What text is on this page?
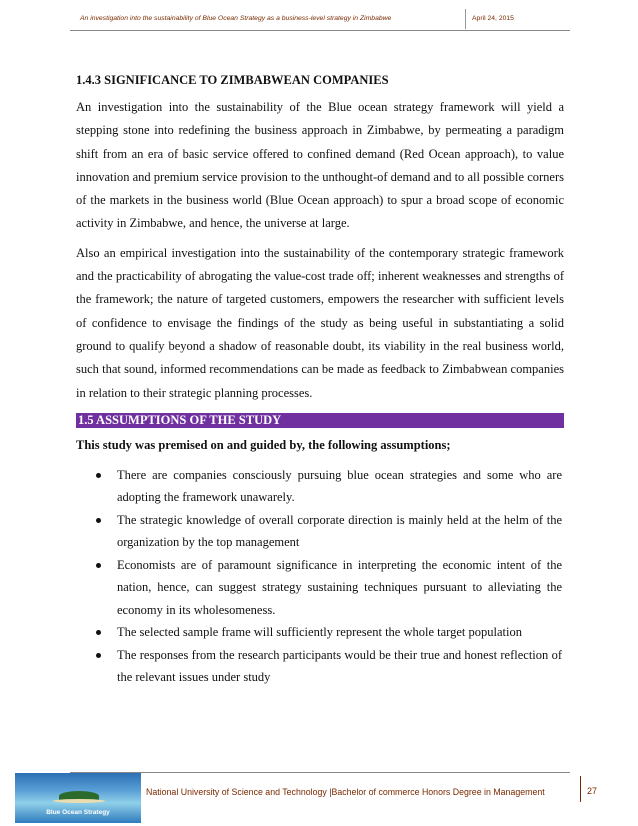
An investigation into the sustainability of Blue Ocean Strategy as a business-level strategy in Zimbabwe	April 24, 2015
1.4.3 SIGNIFICANCE TO ZIMBABWEAN COMPANIES

An investigation into the sustainability of the Blue ocean strategy framework will yield a stepping stone into redefining the business approach in Zimbabwe, by permeating a paradigm shift from an era of basic service offered to confined demand (Red Ocean approach), to value innovation and premium service provision to the unthought-of demand and to all possible corners of the markets in the business world (Blue Ocean approach) to spur a broad scope of economic activity in Zimbabwe, and hence, the universe at large.

Also an empirical investigation into the sustainability of the contemporary strategic framework and the practicability of abrogating the value-cost trade off; inherent weaknesses and strengths of the framework; the nature of targeted customers, empowers the researcher with sufficient levels of confidence to envisage the findings of the study as being useful in substantiating a solid ground to qualify beyond a shadow of reasonable doubt, its viability in the real business world, such that sound, informed recommendations can be made as feedback to Zimbabwean companies in relation to their strategic planning processes.

1.5 ASSUMPTIONS OF THE STUDY
This study was premised on and guided by, the following assumptions;
There are companies consciously pursuing blue ocean strategies and some who are adopting the framework unawarely.
The strategic knowledge of overall corporate direction is mainly held at the helm of the organization by the top management
Economists are of paramount significance in interpreting the economic intent of the nation, hence, can suggest strategy sustaining techniques pursuant to alleviating the economy in its wholesomeness.
The selected sample frame will sufficiently represent the whole target population
The responses from the research participants would be their true and honest reflection of the relevant issues under study
Blue Ocean Strategy
National University of Science and Technology |Bachelor of commerce Honors Degree in Management	27
